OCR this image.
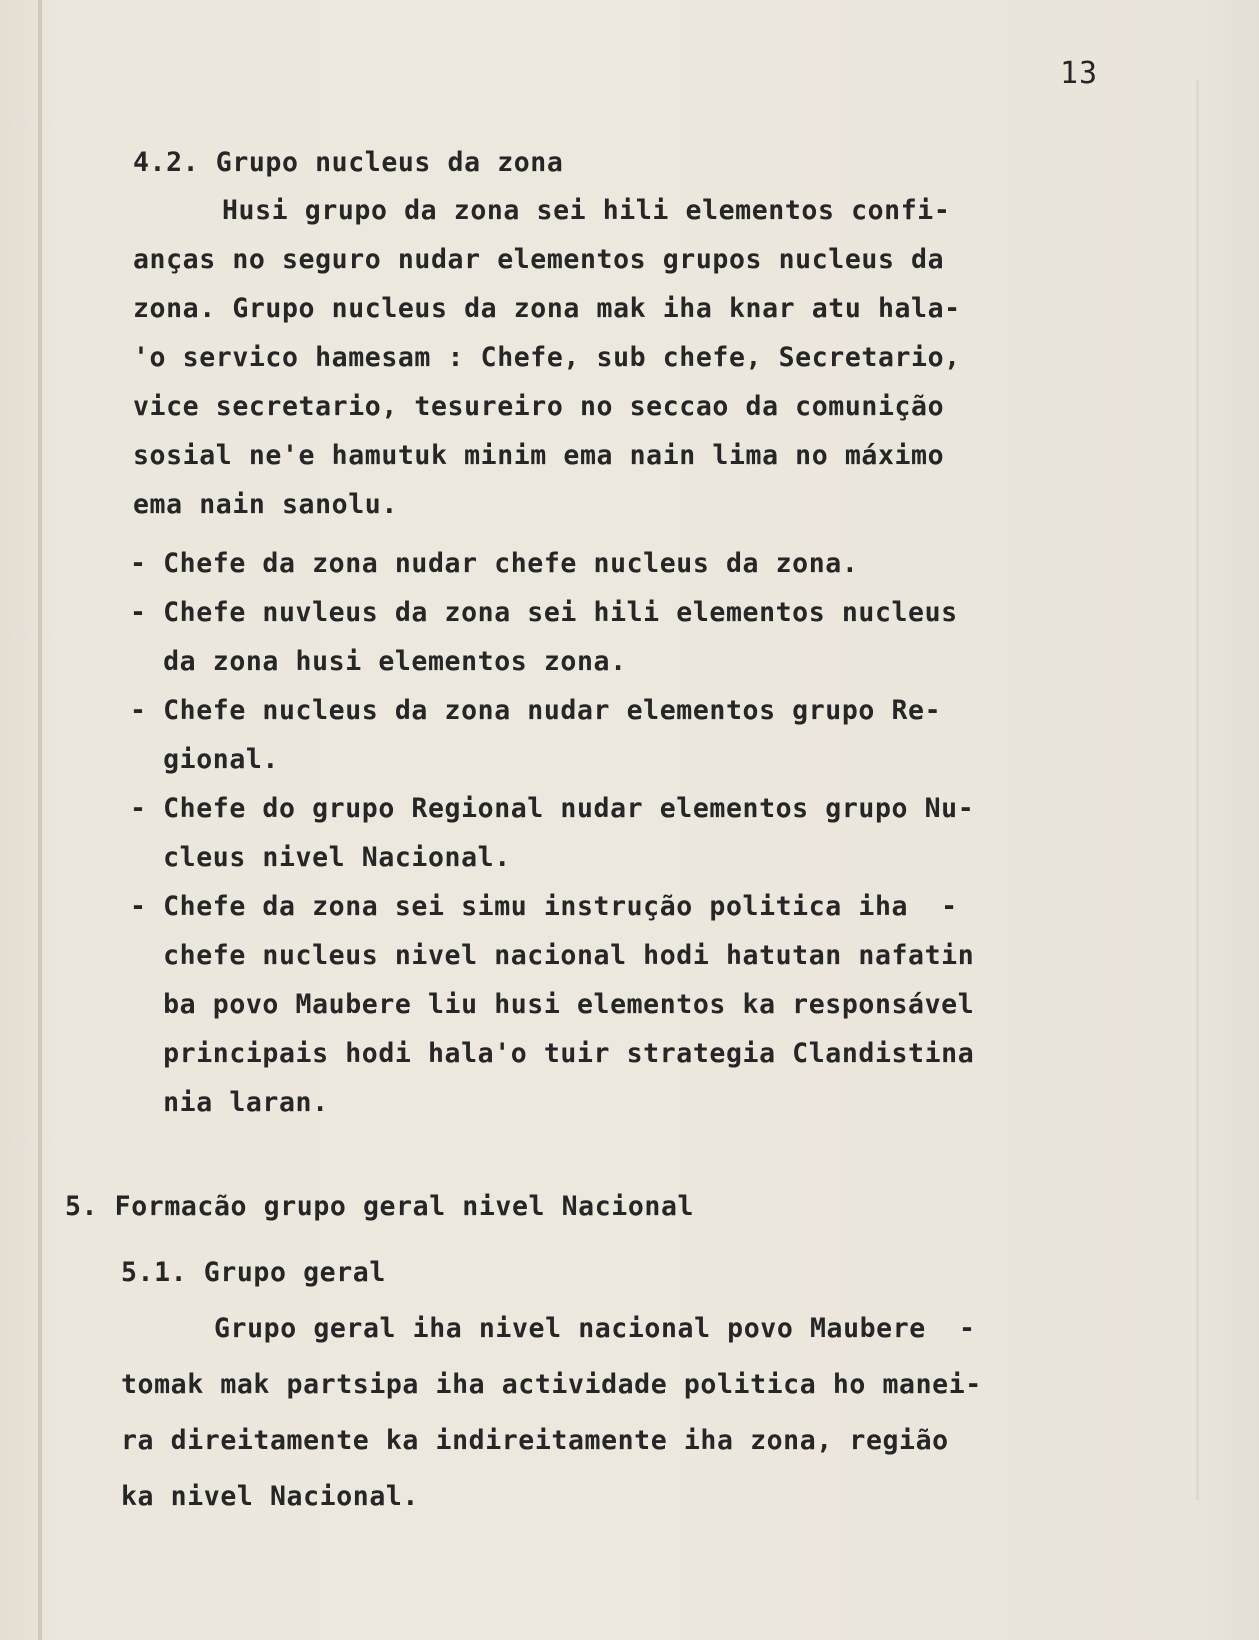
13
4.2. Grupo nucleus da zona
Husi grupo da zona sei hili elementos confi-
anças no seguro nudar elementos grupos nucleus da
zona. Grupo nucleus da zona mak iha knar atu hala-
'o servico hamesam : Chefe, sub chefe, Secretario,
vice secretario, tesureiro no seccao da comunição
sosial ne'e hamutuk minim ema nain lima no máximo
ema nain sanolu.
- Chefe da zona nudar chefe nucleus da zona.
- Chefe nuvleus da zona sei hili elementos nucleus
da zona husi elementos zona.
- Chefe nucleus da zona nudar elementos grupo Re-
gional.
- Chefe do grupo Regional nudar elementos grupo Nu-
cleus nivel Nacional.
- Chefe da zona sei simu instrução politica iha  -
chefe nucleus nivel nacional hodi hatutan nafatin
ba povo Maubere liu husi elementos ka responsável
principais hodi hala'o tuir strategia Clandistina
nia laran.
5. Formacão grupo geral nivel Nacional
5.1. Grupo geral
Grupo geral iha nivel nacional povo Maubere  -
tomak mak partsipa iha actividade politica ho manei-
ra direitamente ka indireitamente iha zona, região
ka nivel Nacional.
